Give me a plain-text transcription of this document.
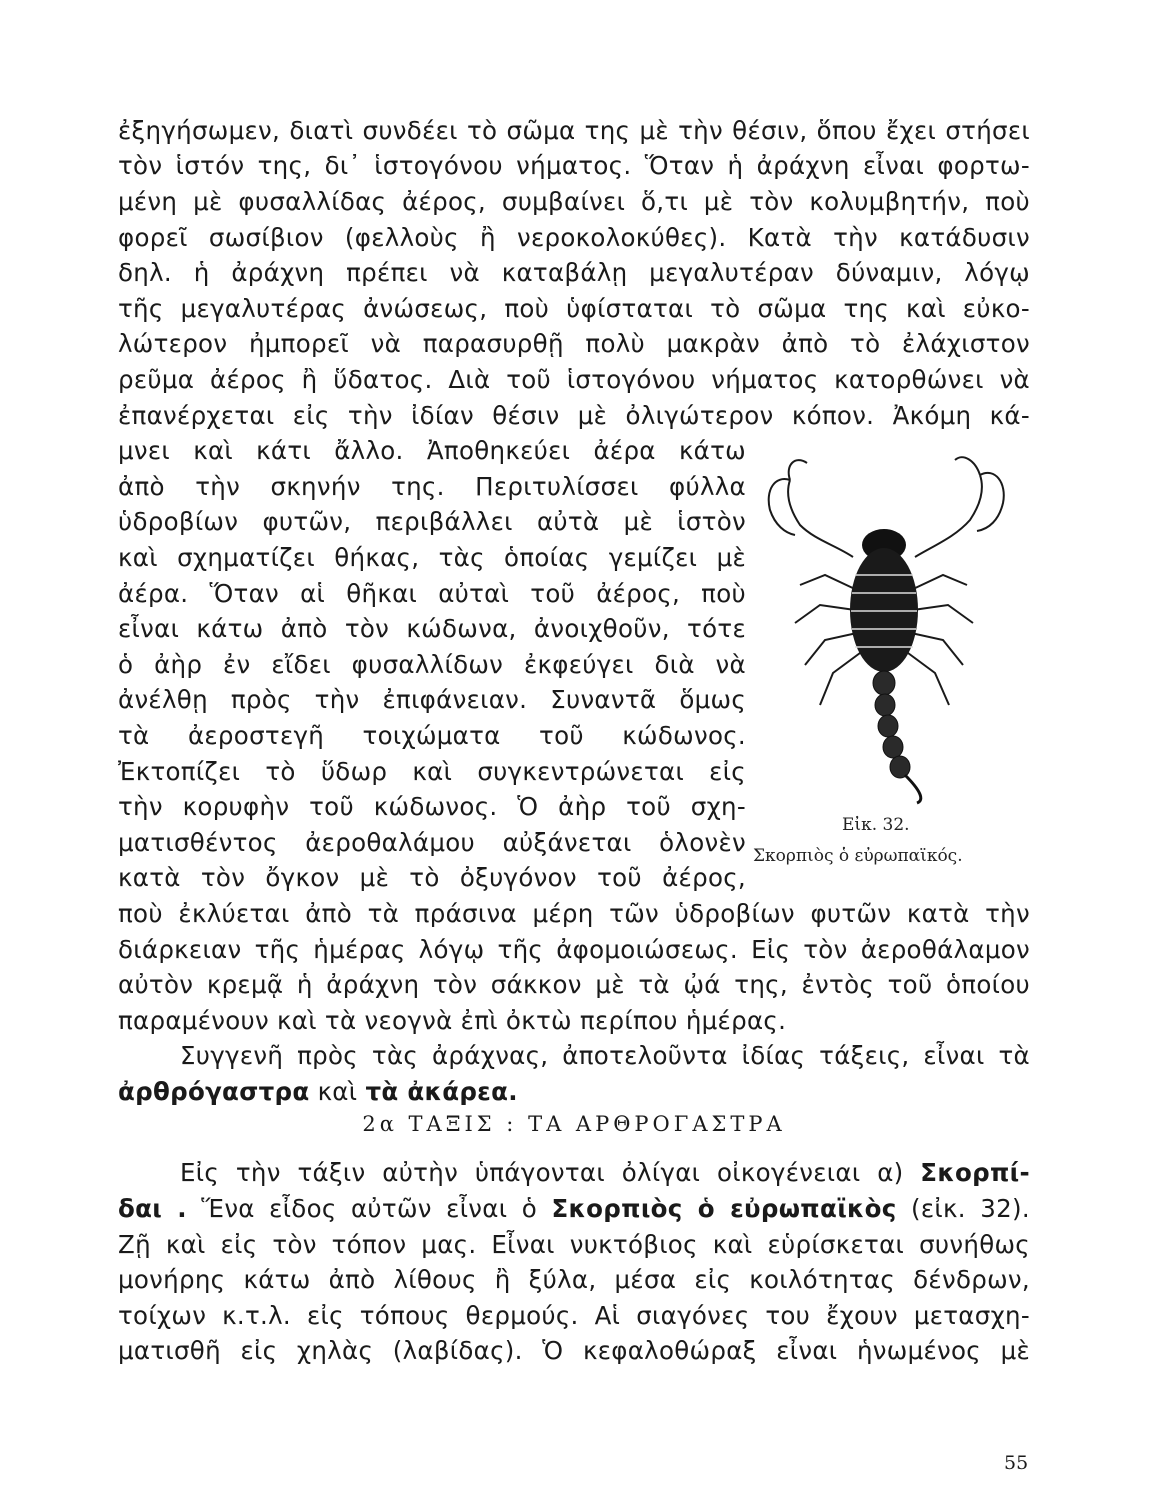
ἐξηγήσωμεν, διατὶ συνδέει τὸ σῶμα της μὲ τὴν θέσιν, ὅπου ἔχει στήσει
τὸν ἱστόν της, δι᾽ ἱστογόνου νήματος. Ὅταν ἡ ἀράχνη εἶναι φορτω-
μένη μὲ φυσαλλίδας ἀέρος, συμβαίνει ὅ,τι μὲ τὸν κολυμβητήν, ποὺ
φορεῖ σωσίβιον (φελλοὺς ἢ νεροκολοκύθες). Κατὰ τὴν κατάδυσιν
δηλ. ἡ ἀράχνη πρέπει νὰ καταβάλῃ μεγαλυτέραν δύναμιν, λόγῳ
τῆς μεγαλυτέρας ἀνώσεως, ποὺ ὑφίσταται τὸ σῶμα της καὶ εὐκο-
λώτερον ἠμπορεῖ νὰ παρασυρθῇ πολὺ μακρὰν ἀπὸ τὸ ἐλάχιστον
ρεῦμα ἀέρος ἢ ὕδατος. Διὰ τοῦ ἱστογόνου νήματος κατορθώνει νὰ
ἐπανέρχεται εἰς τὴν ἰδίαν θέσιν μὲ ὀλιγώτερον κόπον. Ἀκόμη κά-
μνει καὶ κάτι ἄλλο. Ἀποθηκεύει ἀέρα κάτω
ἀπὸ τὴν σκηνήν της. Περιτυλίσσει φύλλα
ὑδροβίων φυτῶν, περιβάλλει αὐτὰ μὲ ἱστὸν
καὶ σχηματίζει θήκας, τὰς ὁποίας γεμίζει μὲ
ἀέρα. Ὅταν αἱ θῆκαι αὐταὶ τοῦ ἀέρος, ποὺ
εἶναι κάτω ἀπὸ τὸν κώδωνα, ἀνοιχθοῦν, τότε
ὁ ἀὴρ ἐν εἴδει φυσαλλίδων ἐκφεύγει διὰ νὰ
ἀνέλθῃ πρὸς τὴν ἐπιφάνειαν. Συναντᾶ ὅμως
τὰ ἀεροστεγῆ τοιχώματα τοῦ κώδωνος.
Ἐκτοπίζει τὸ ὕδωρ καὶ συγκεντρώνεται εἰς
τὴν κορυφὴν τοῦ κώδωνος. Ὁ ἀὴρ τοῦ σχη-
ματισθέντος ἀεροθαλάμου αὐξάνεται ὁλονὲν
κατὰ τὸν ὄγκον μὲ τὸ ὀξυγόνον τοῦ ἀέρος,
ποὺ ἐκλύεται ἀπὸ τὰ πράσινα μέρη τῶν ὑδροβίων φυτῶν κατὰ τὴν
διάρκειαν τῆς ἡμέρας λόγῳ τῆς ἀφομοιώσεως. Εἰς τὸν ἀεροθάλαμον
αὐτὸν κρεμᾷ ἡ ἀράχνη τὸν σάκκον μὲ τὰ ᾠά της, ἐντὸς τοῦ ὁποίου
παραμένουν καὶ τὰ νεογνὰ ἐπὶ ὀκτὼ περίπου ἡμέρας.
Συγγενῆ πρὸς τὰς ἀράχνας, ἀποτελοῦντα ἰδίας τάξεις, εἶναι τὰ
ἀρθρόγαστρα καὶ τὰ ἀκάρεα.
2α ΤΑΞΙΣ : ΤΑ ΑΡΘΡΟΓΑΣΤΡΑ
Εἰς τὴν τάξιν αὐτὴν ὑπάγονται ὀλίγαι οἰκογένειαι α) Σκορπί-
δαι . Ἕνα εἶδος αὐτῶν εἶναι ὁ Σκορπιὸς ὁ εὐρωπαϊκὸς (εἰκ. 32).
Ζῇ καὶ εἰς τὸν τόπον μας. Εἶναι νυκτόβιος καὶ εὑρίσκεται συνήθως
μονήρης κάτω ἀπὸ λίθους ἢ ξύλα, μέσα εἰς κοιλότητας δένδρων,
τοίχων κ.τ.λ. εἰς τόπους θερμούς. Αἱ σιαγόνες του ἔχουν μετασχη-
ματισθῆ εἰς χηλὰς (λαβίδας). Ὁ κεφαλοθώραξ εἶναι ἡνωμένος μὲ
Εἰκ. 32.
Σκορπιὸς ὁ εὐρωπαϊκός.
55
